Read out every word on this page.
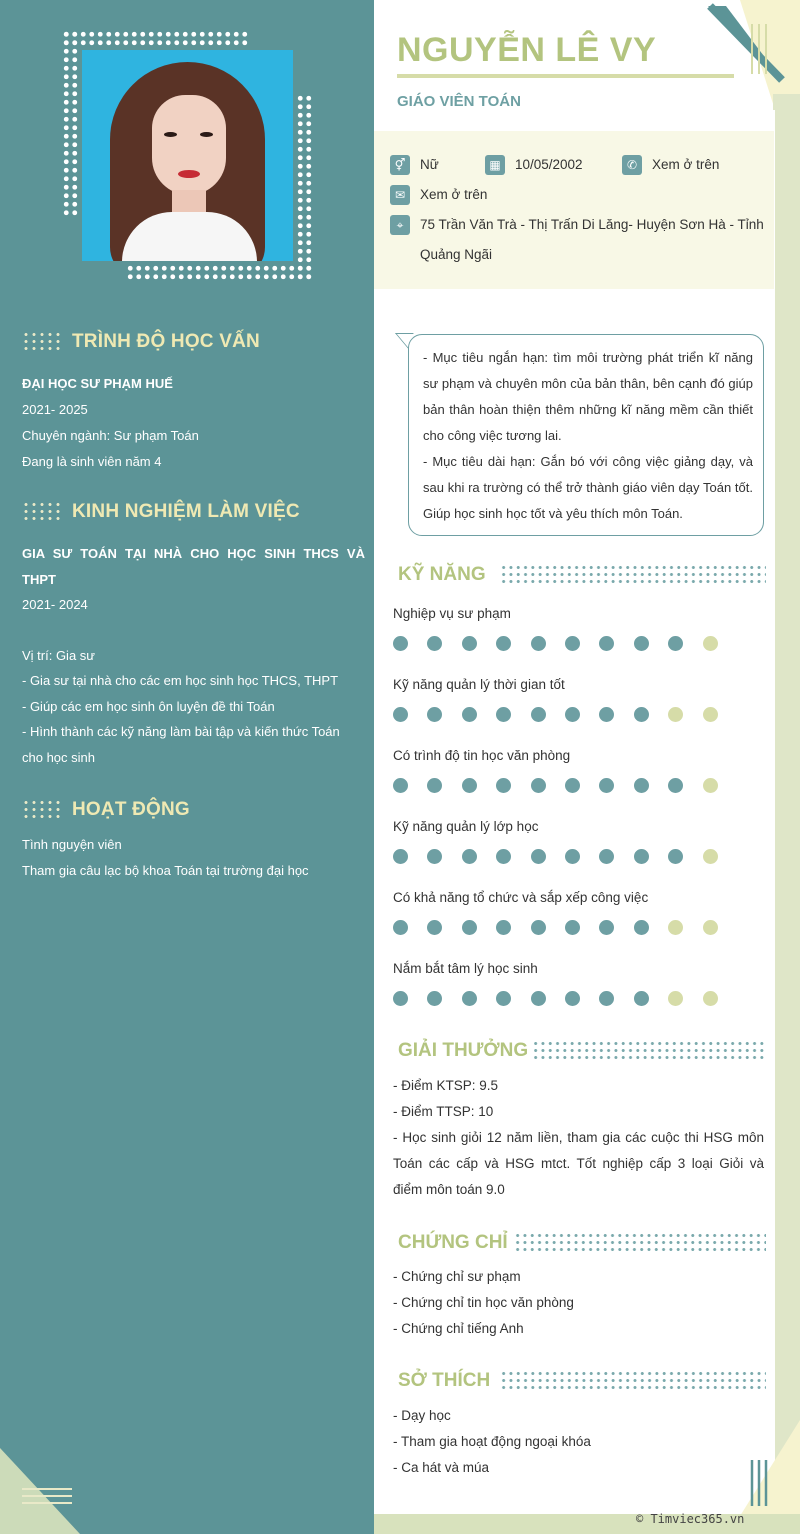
TRÌNH ĐỘ HỌC VẤN
ĐẠI HỌC SƯ PHẠM HUẾ
2021- 2025
Chuyên ngành: Sư phạm Toán
Đang là sinh viên năm 4
KINH NGHIỆM LÀM VIỆC
GIA SƯ TOÁN TẠI NHÀ CHO HỌC SINH THCS VÀ
THPT
2021- 2024
Vị trí: Gia sư
- Gia sư tại nhà cho các em học sinh học THCS, THPT
- Giúp các em học sinh ôn luyện đề thi Toán
- Hình thành các kỹ năng làm bài tập và kiến thức Toán
cho học sinh
HOẠT ĐỘNG
Tình nguyện viên
Tham gia câu lạc bộ khoa Toán tại trường đại học
NGUYỄN LÊ VY
GIÁO VIÊN TOÁN
⚥	Nữ	▦	10/05/2002	✆	Xem ở trên
✉	Xem ở trên
⌖	75 Trần Văn Trà - Thị Trấn Di Lăng- Huyện Sơn Hà - Tỉnh
Quảng Ngãi
- Mục tiêu ngắn hạn: tìm môi trường phát triển kĩ năng sư phạm và chuyên môn của bản thân, bên cạnh đó giúp bản thân hoàn thiện thêm những kĩ năng mềm cần thiết cho công việc tương lai.
- Mục tiêu dài hạn: Gắn bó với công việc giảng dạy, và sau khi ra trường có thể trở thành giáo viên dạy Toán tốt. Giúp học sinh học tốt và yêu thích môn Toán.
KỸ NĂNG
Nghiệp vụ sư phạm
Kỹ năng quản lý thời gian tốt
Có trình độ tin học văn phòng
Kỹ năng quản lý lớp học
Có khả năng tổ chức và sắp xếp công việc
Nắm bắt tâm lý học sinh
GIẢI THƯỞNG
- Điểm KTSP: 9.5
- Điểm TTSP: 10
- Học sinh giỏi 12 năm liền, tham gia các cuộc thi HSG môn Toán các cấp và HSG mtct. Tốt nghiệp cấp 3 loại Giỏi và điểm môn toán 9.0
CHỨNG CHỈ
- Chứng chỉ sư phạm
- Chứng chỉ tin học văn phòng
- Chứng chỉ tiếng Anh
SỞ THÍCH
- Dạy học
- Tham gia hoạt động ngoại khóa
- Ca hát và múa
© Timviec365.vn
